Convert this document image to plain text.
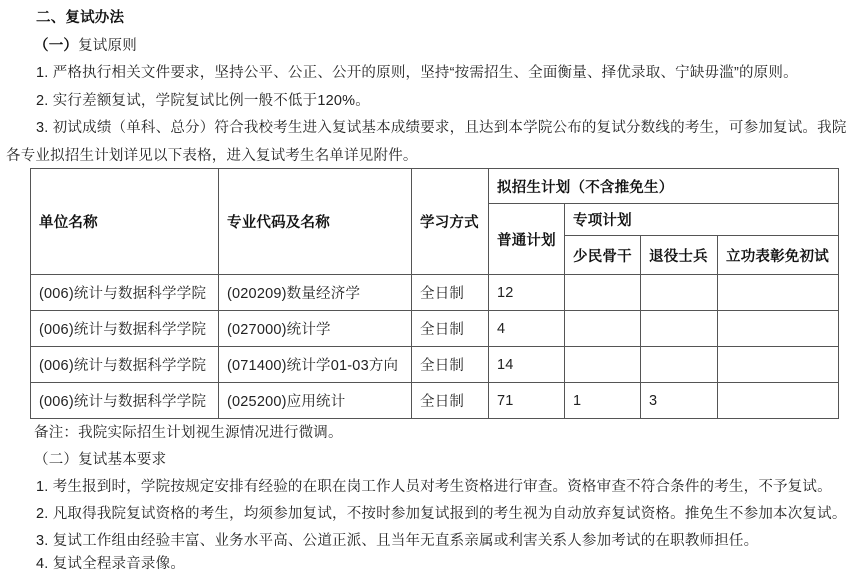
二、复试办法
（一）复试原则
1. 严格执行相关文件要求，坚持公平、公正、公开的原则，坚持“按需招生、全面衡量、择优录取、宁缺毋滥”的原则。
2. 实行差额复试，学院复试比例一般不低于120%。
3. 初试成绩（单科、总分）符合我校考生进入复试基本成绩要求，且达到本学院公布的复试分数线的考生，可参加复试。我院
各专业拟招生计划详见以下表格，进入复试考生名单详见附件。
单位名称	专业代码及名称	学习方式	拟招生计划（不含推免生）			
			普通计划	专项计划		
				少民骨干	退役士兵	立功表彰免初试
(006)统计与数据科学学院	(020209)数量经济学	全日制	12			
(006)统计与数据科学学院	(027000)统计学	全日制	4			
(006)统计与数据科学学院	(071400)统计学01-03方向	全日制	14			
(006)统计与数据科学学院	(025200)应用统计	全日制	71	1	3	
备注：我院实际招生计划视生源情况进行微调。
（二）复试基本要求
1. 考生报到时，学院按规定安排有经验的在职在岗工作人员对考生资格进行审查。资格审查不符合条件的考生，不予复试。
2. 凡取得我院复试资格的考生，均须参加复试，不按时参加复试报到的考生视为自动放弃复试资格。推免生不参加本次复试。
3. 复试工作组由经验丰富、业务水平高、公道正派、且当年无直系亲属或利害关系人参加考试的在职教师担任。
4. 复试全程录音录像。
